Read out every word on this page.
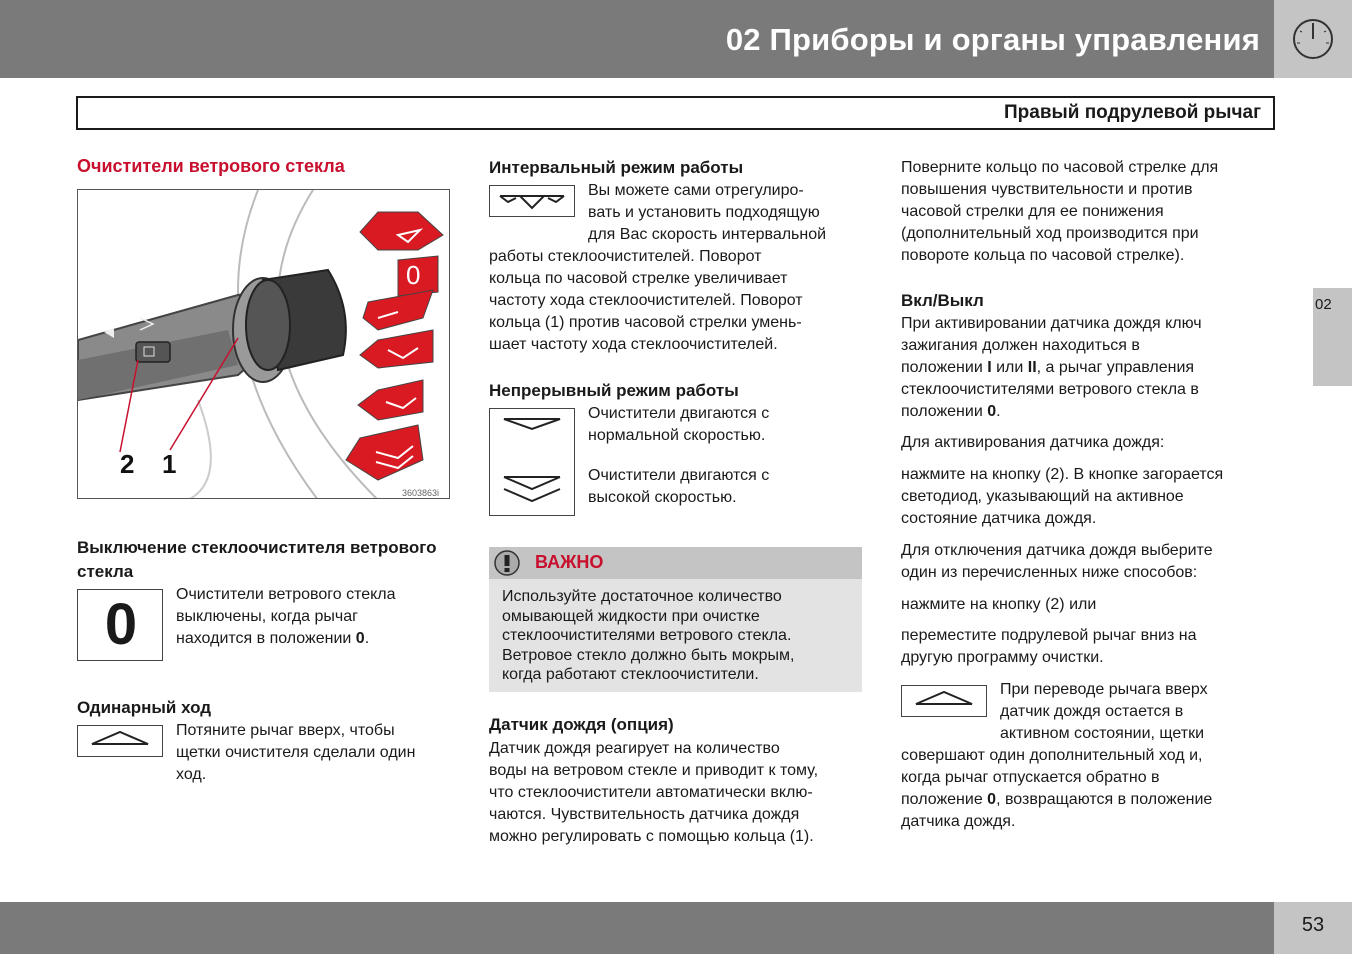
02 Приборы и органы управления
Правый подрулевой рычаг
02
Очистители ветрового стекла
0
2 1
3603863i
Выключение стеклоочистителя ветрового стекла
0	Очистители ветрового стекла
выключены, когда рычаг
находится в положении 0.
Одинарный ход
Потяните рычаг вверх, чтобы
щетки очистителя сделали один
ход.
Интервальный режим работы
Вы можете сами отрегулиро-
вать и установить подходящую
для Вас скорость интервальной
работы стеклоочистителей. Поворот
кольца по часовой стрелке увеличивает
частоту хода стеклоочистителей. Поворот
кольца (1) против часовой стрелки умень-
шает частоту хода стеклоочистителей.
Непрерывный режим работы
Очистители двигаются с
нормальной скоростью.
Очистители двигаются с
высокой скоростью.
ВАЖНО
Используйте достаточное количество
омывающей жидкости при очистке
стеклоочистителями ветрового стекла.
Ветровое стекло должно быть мокрым,
когда работают стеклоочистители.
Датчик дождя (опция)
Датчик дождя реагирует на количество
воды на ветровом стекле и приводит к тому,
что стеклоочистители автоматически вклю-
чаются. Чувствительность датчика дождя
можно регулировать с помощью кольца (1).
Поверните кольцо по часовой стрелке для
повышения чувствительности и против
часовой стрелки для ее понижения
(дополнительный ход производится при
повороте кольца по часовой стрелке).
Вкл/Выкл
При активировании датчика дождя ключ
зажигания должен находиться в
положении I или II, а рычаг управления
стеклоочистителями ветрового стекла в
положении 0.
Для активирования датчика дождя:
нажмите на кнопку (2). В кнопке загорается
светодиод, указывающий на активное
состояние датчика дождя.
Для отключения датчика дождя выберите
один из перечисленных ниже способов:
нажмите на кнопку (2) или
переместите подрулевой рычаг вниз на
другую программу очистки.
При переводе рычага вверх
датчик дождя остается в
активном состоянии, щетки
совершают один дополнительный ход и,
когда рычаг отпускается обратно в
положение 0, возвращаются в положение
датчика дождя.
53
